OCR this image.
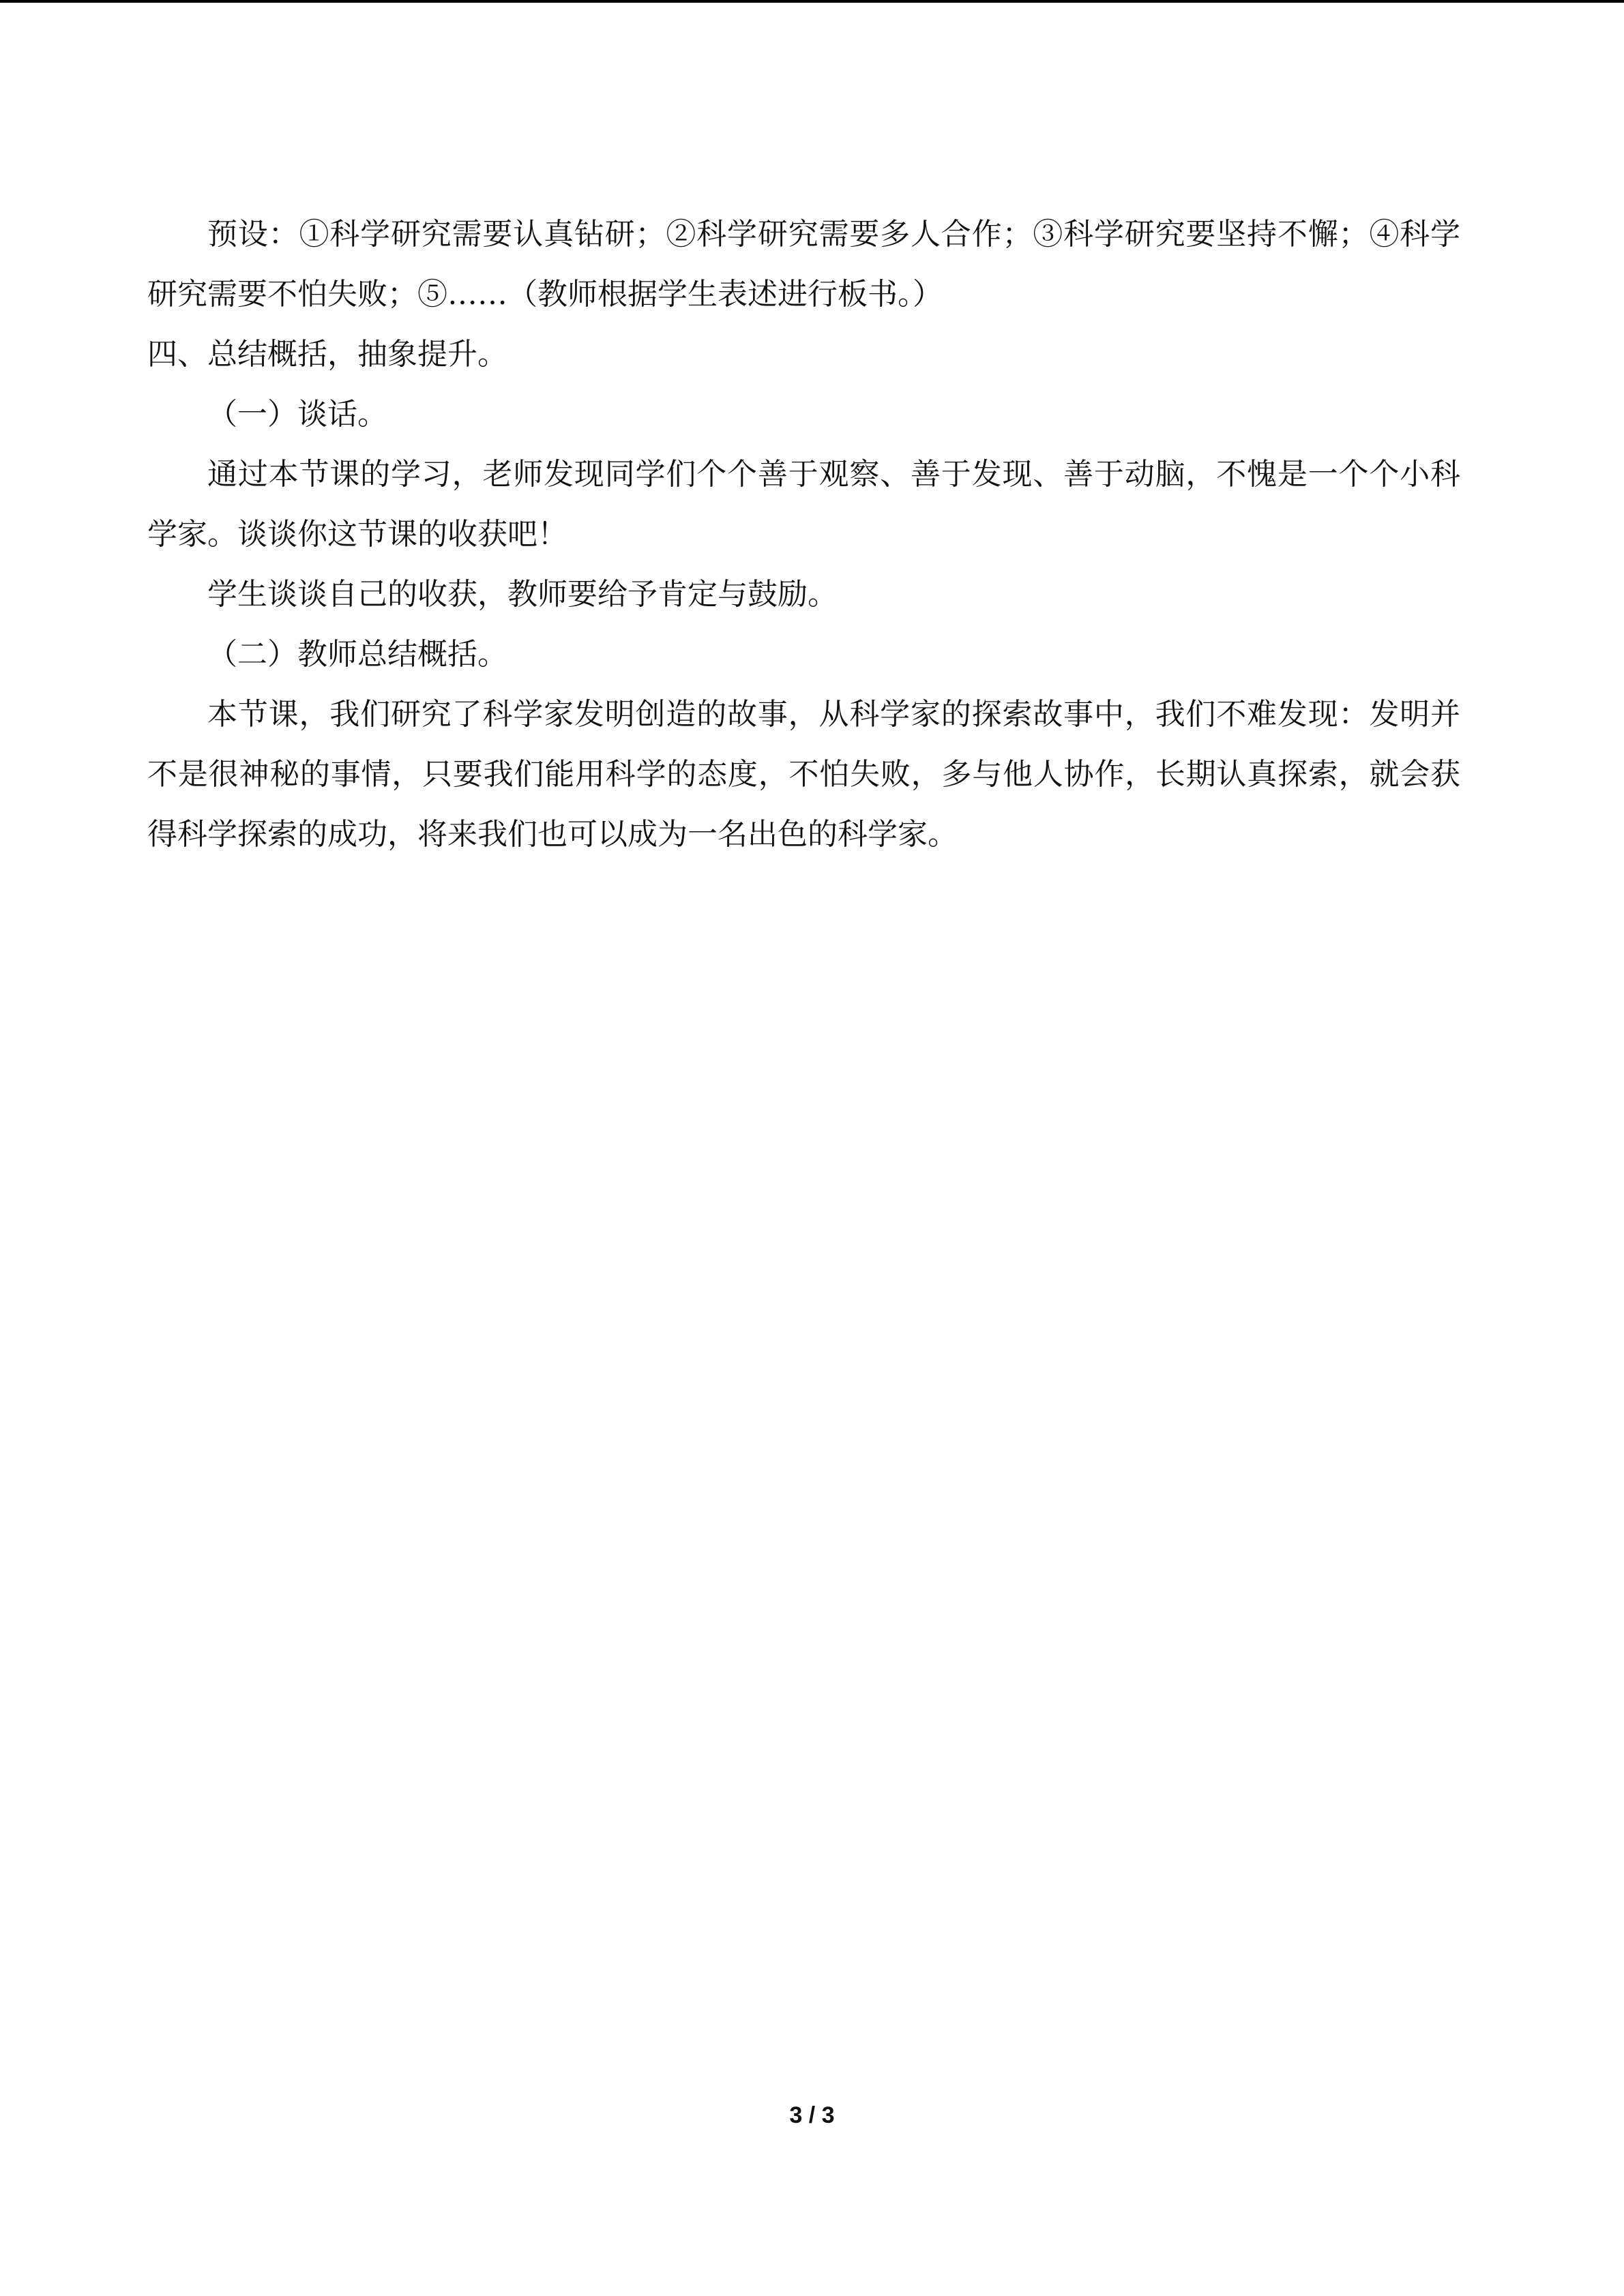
预设：①科学研究需要认真钻研；②科学研究需要多人合作；③科学研究要坚持不懈；④科学研究需要不怕失败；⑤……（教师根据学生表述进行板书。）

四、总结概括，抽象提升。

（一）谈话。

通过本节课的学习，老师发现同学们个个善于观察、善于发现、善于动脑，不愧是一个个小科学家。谈谈你这节课的收获吧！

学生谈谈自己的收获，教师要给予肯定与鼓励。

（二）教师总结概括。

本节课，我们研究了科学家发明创造的故事，从科学家的探索故事中，我们不难发现：发明并不是很神秘的事情，只要我们能用科学的态度，不怕失败，多与他人协作，长期认真探索，就会获得科学探索的成功，将来我们也可以成为一名出色的科学家。

3 / 3
